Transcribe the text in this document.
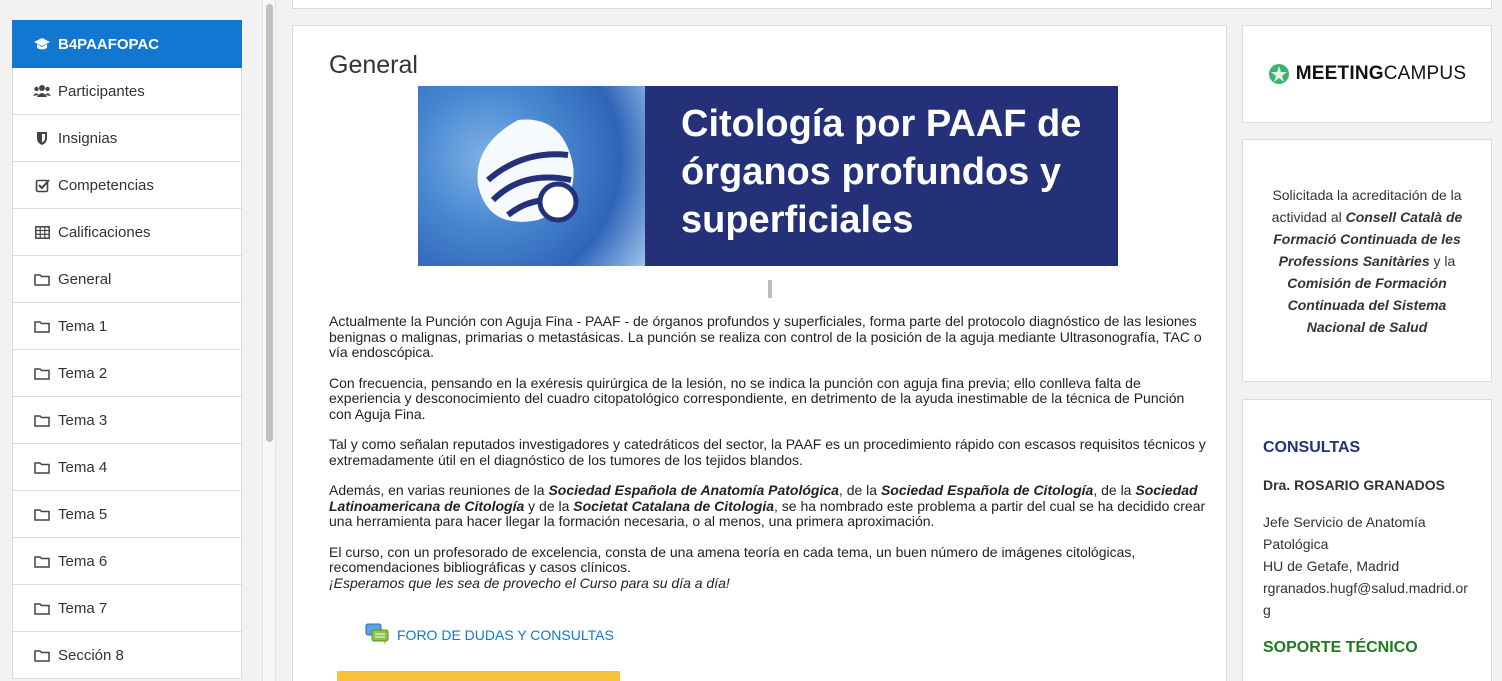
B4PAAFOPAC
Participantes
Insignias
Competencias
Calificaciones
General
Tema 1
Tema 2
Tema 3
Tema 4
Tema 5
Tema 6
Tema 7
Sección 8
General
Citología por PAAF de órganos profundos y superficiales

Actualmente la Punción con Aguja Fina - PAAF - de órganos profundos y superficiales, forma parte del protocolo diagnóstico de las lesiones benignas o malignas, primarias o metastásicas. La punción se realiza con control de la posición de la aguja mediante Ultrasonografía, TAC o vía endoscópica.

Con frecuencia, pensando en la exéresis quirúrgica de la lesión, no se indica la punción con aguja fina previa; ello conlleva falta de experiencia y desconocimiento del cuadro citopatológico correspondiente, en detrimento de la ayuda inestimable de la técnica de Punción con Aguja Fina.

Tal y como señalan reputados investigadores y catedráticos del sector, la PAAF es un procedimiento rápido con escasos requisitos técnicos y extremadamente útil en el diagnóstico de los tumores de los tejidos blandos.

Además, en varias reuniones de la Sociedad Española de Anatomía Patológica, de la Sociedad Española de Citología, de la Sociedad Latinoamericana de Citología y de la Societat Catalana de Citologia, se ha nombrado este problema a partir del cual se ha decidido crear una herramienta para hacer llegar la formación necesaria, o al menos, una primera aproximación.

El curso, con un profesorado de excelencia, consta de una amena teoría en cada tema, un buen número de imágenes citológicas, recomendaciones bibliográficas y casos clínicos.
¡Esperamos que les sea de provecho el Curso para su día a día!

FORO DE DUDAS Y CONSULTAS
MEETING CAMPUS

Solicitada la acreditación de la actividad al Consell Català de Formació Continuada de les Professions Sanitàries y la Comisión de Formación Continuada del Sistema Nacional de Salud

CONSULTAS
Dra. ROSARIO GRANADOS
Jefe Servicio de Anatomía Patológica
HU de Getafe, Madrid
rgranados.hugf@salud.madrid.org
SOPORTE TÉCNICO
